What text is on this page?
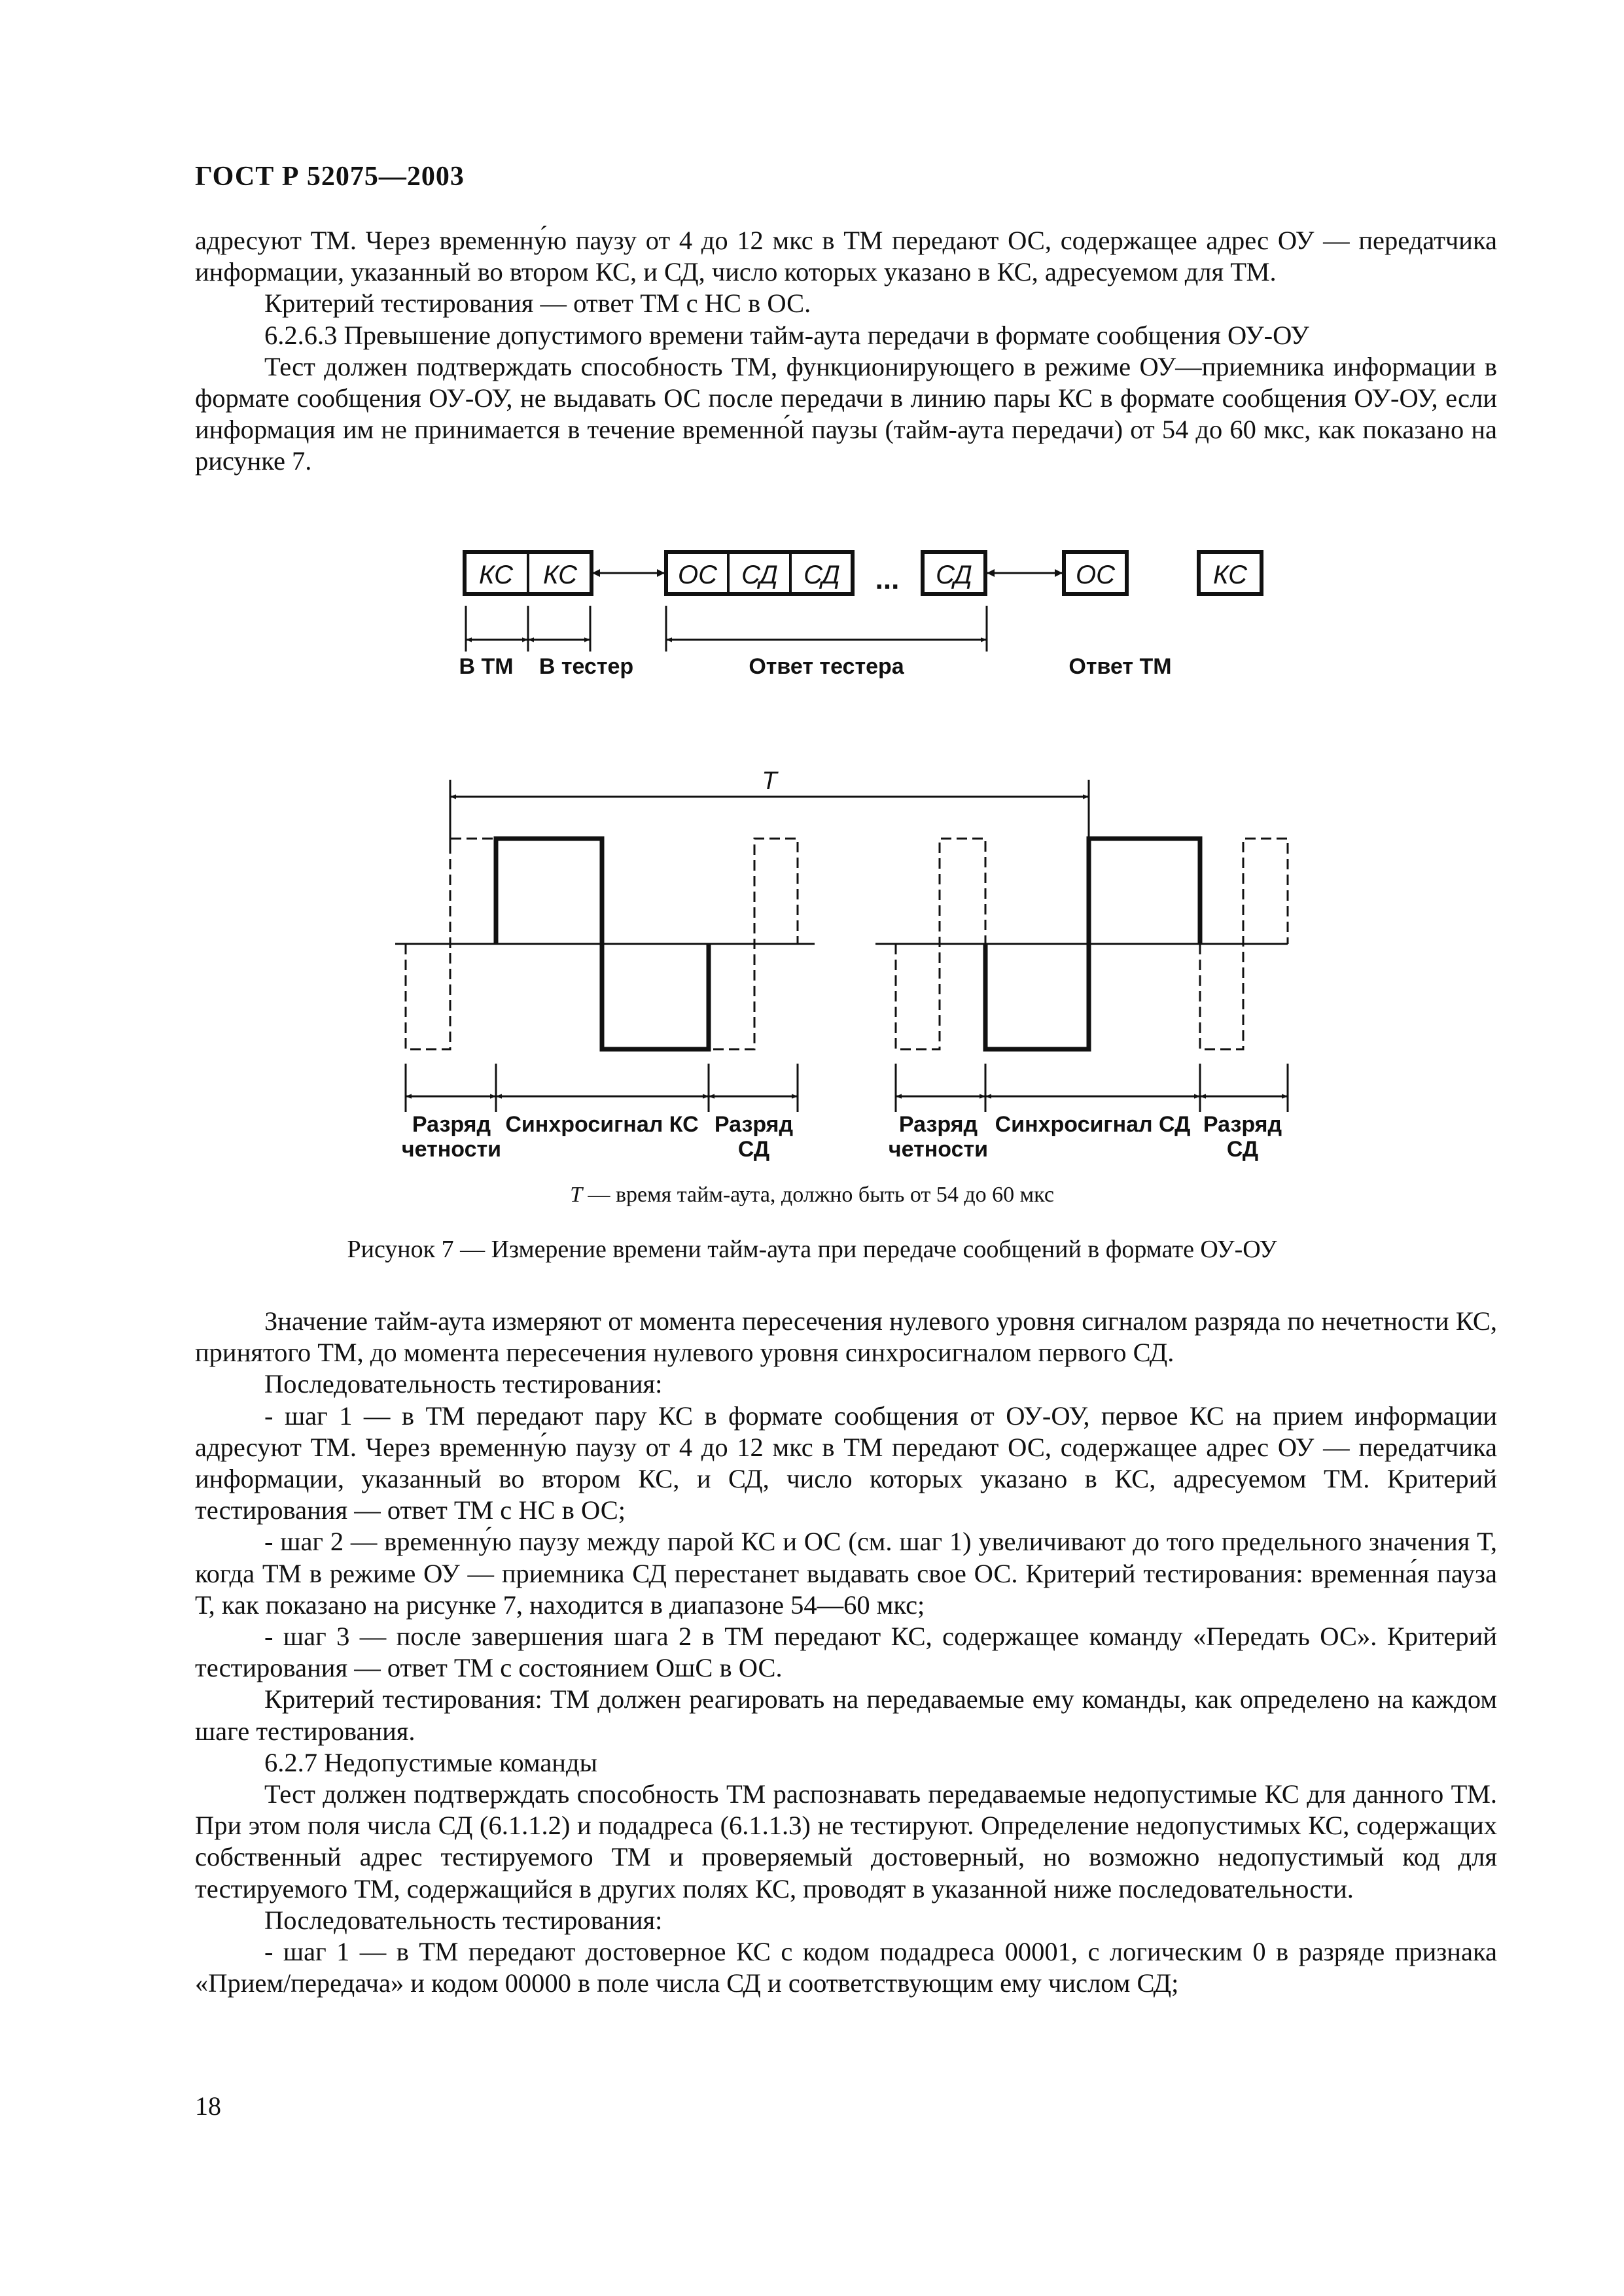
ГОСТ Р 52075—2003

адресуют ТМ. Через временну́ю паузу от 4 до 12 мкс в ТМ передают ОС, содержащее адрес ОУ — передатчика информации, указанный во втором КС, и СД, число которых указано в КС, адресуемом для ТМ.

Критерий тестирования — ответ ТМ с НС в ОС.

6.2.6.3 Превышение допустимого времени тайм-аута передачи в формате сообщения ОУ-ОУ

Тест должен подтверждать способность ТМ, функционирующего в режиме ОУ—приемника информации в формате сообщения ОУ-ОУ, не выдавать ОС после передачи в линию пары КС в формате сообщения ОУ-ОУ, если информация им не принимается в течение временно́й паузы (тайм-аута передачи) от 54 до 60 мкс, как показано на рисунке 7.

КС КС	ОС СД СД ... СД	ОС	КС
В ТМ В тестер	Ответ тестера	Ответ ТМ
T
Разряд
четности
Синхросигнал КС Разряд
СД
Разряд
четности
Синхросигнал СД Разряд
СД
T — время тайм-аута, должно быть от 54 до 60 мкс
Рисунок 7 — Измерение времени тайм-аута при передаче сообщений в формате ОУ-ОУ

Значение тайм-аута измеряют от момента пересечения нулевого уровня сигналом разряда по нечетности КС, принятого ТМ, до момента пересечения нулевого уровня синхросигналом первого СД.

Последовательность тестирования:

- шаг 1 — в ТМ передают пару КС в формате сообщения от ОУ-ОУ, первое КС на прием информации адресуют ТМ. Через временну́ю паузу от 4 до 12 мкс в ТМ передают ОС, содержащее адрес ОУ — передатчика информации, указанный во втором КС, и СД, число которых указано в КС, адресуемом ТМ. Критерий тестирования — ответ ТМ с НС в ОС;

- шаг 2 — временну́ю паузу между парой КС и ОС (см. шаг 1) увеличивают до того предельного значения Т, когда ТМ в режиме ОУ — приемника СД перестанет выдавать свое ОС. Критерий тестирования: временна́я пауза Т, как показано на рисунке 7, находится в диапазоне 54—60 мкс;

- шаг 3 — после завершения шага 2 в ТМ передают КС, содержащее команду «Передать ОС». Критерий тестирования — ответ ТМ с состоянием ОшС в ОС.

Критерий тестирования: ТМ должен реагировать на передаваемые ему команды, как определено на каждом шаге тестирования.

6.2.7 Недопустимые команды

Тест должен подтверждать способность ТМ распознавать передаваемые недопустимые КС для данного ТМ. При этом поля числа СД (6.1.1.2) и подадреса (6.1.1.3) не тестируют. Определение недопустимых КС, содержащих собственный адрес тестируемого ТМ и проверяемый достоверный, но возможно недопустимый код для тестируемого ТМ, содержащийся в других полях КС, проводят в указанной ниже последовательности.

Последовательность тестирования:

- шаг 1 — в ТМ передают достоверное КС с кодом подадреса 00001, с логическим 0 в разряде признака «Прием/передача» и кодом 00000 в поле числа СД и соответствующим ему числом СД;

18
